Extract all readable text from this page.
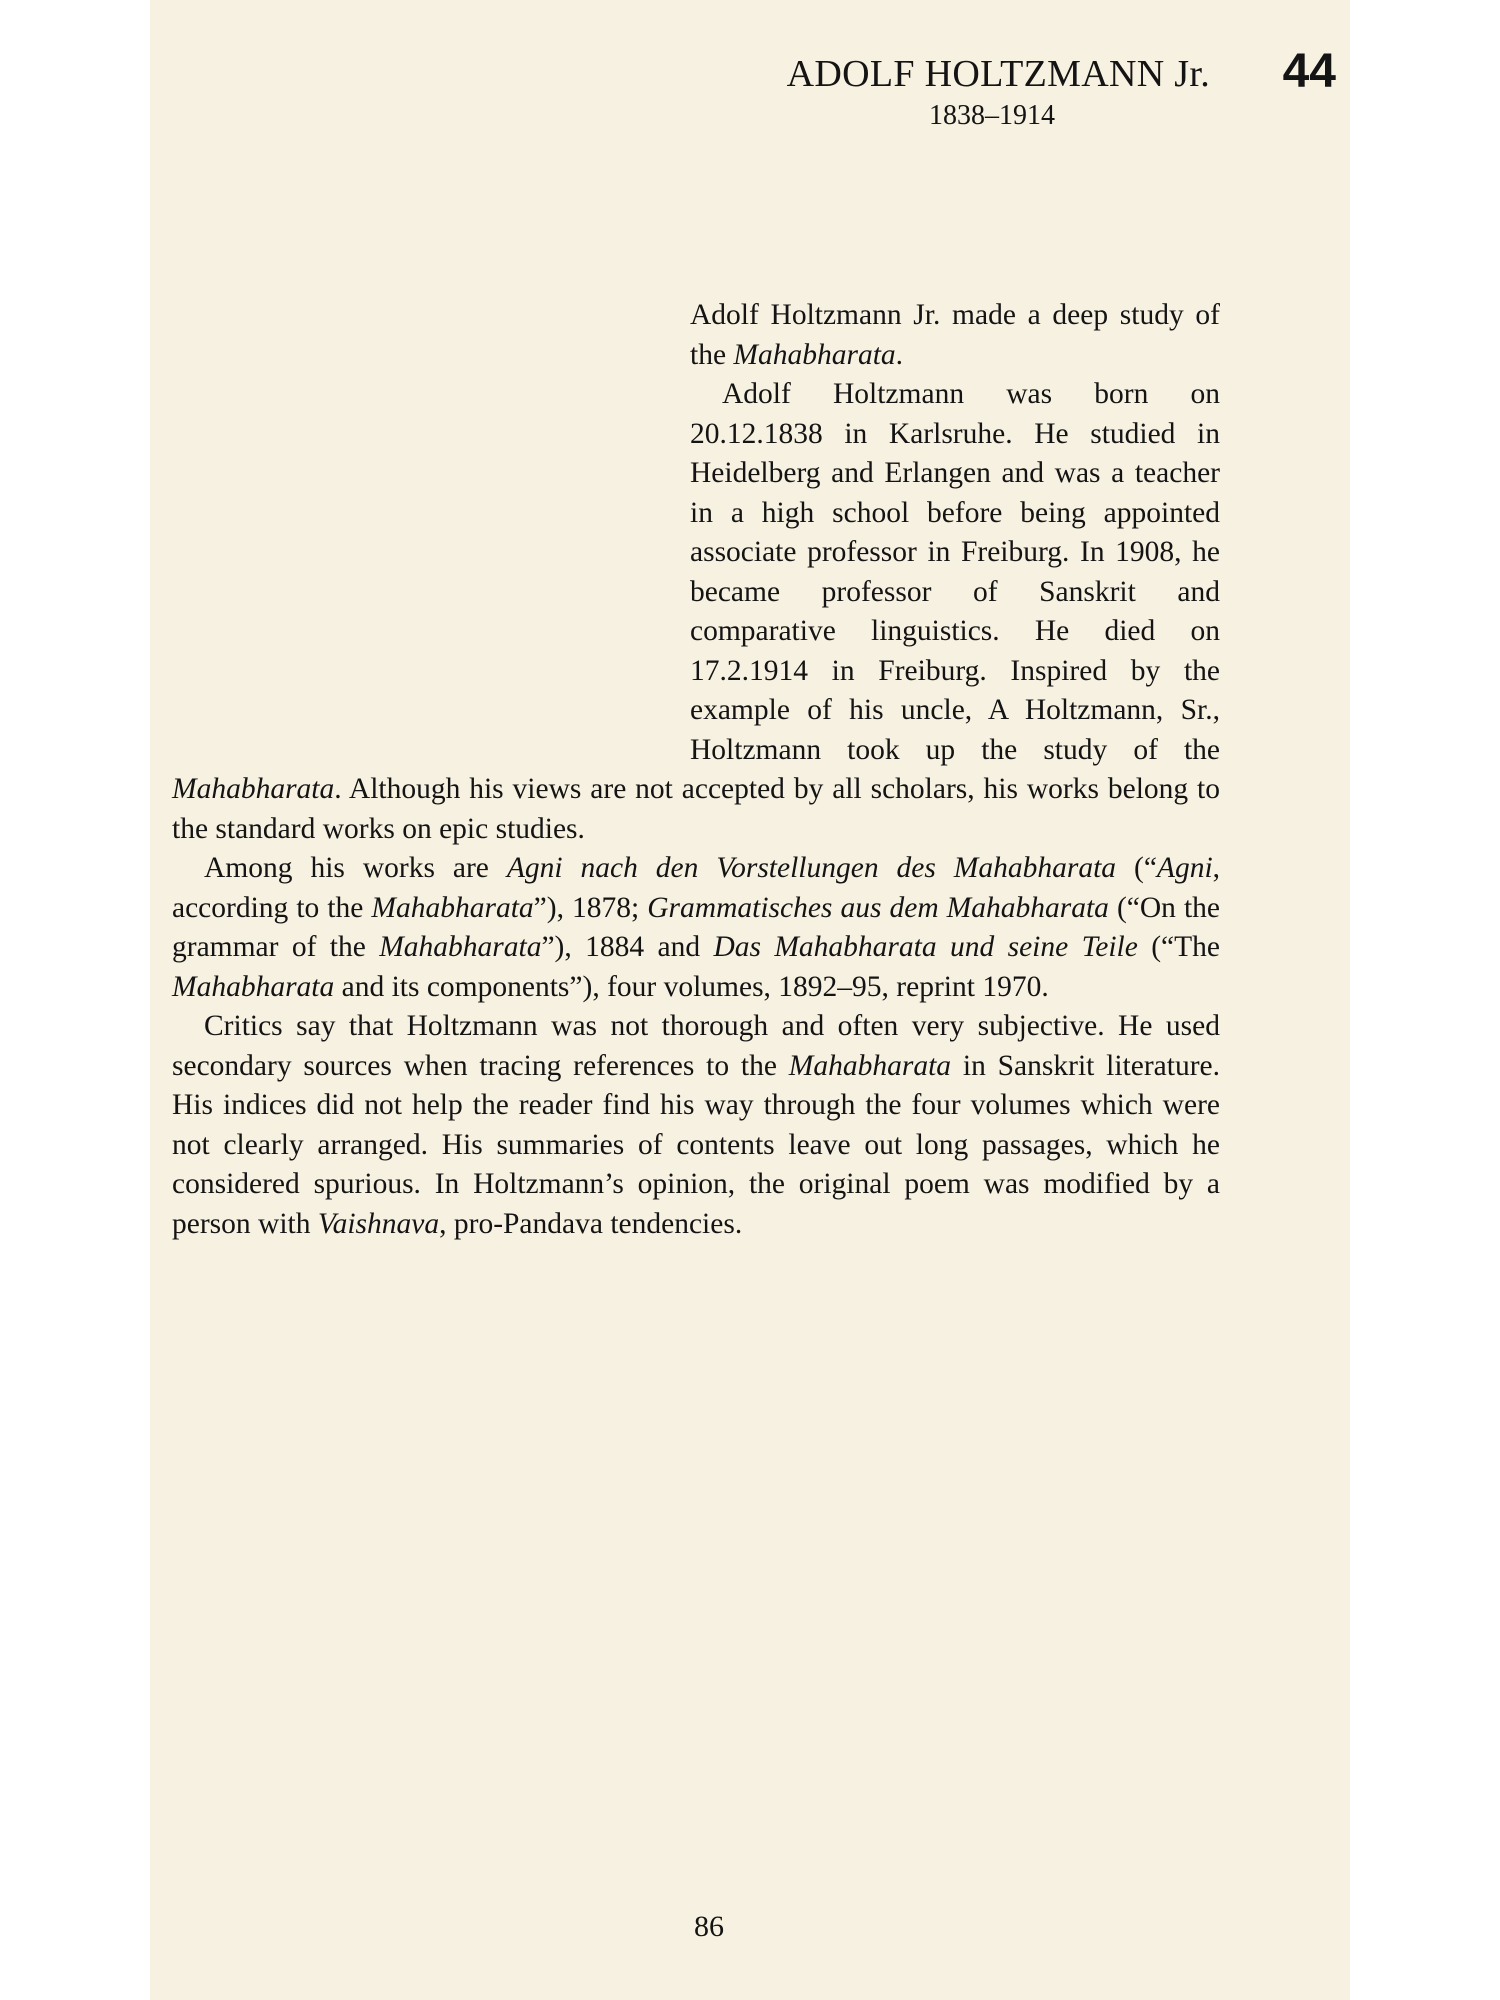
ADOLF HOLTZMANN Jr. 44
1838–1914

Adolf Holtzmann Jr. made a deep study of the Mahabharata.

Adolf Holtzmann was born on 20.12.1838 in Karlsruhe. He studied in Heidelberg and Erlangen and was a teacher in a high school before being appointed associate professor in Freiburg. In 1908, he became professor of Sanskrit and comparative linguistics. He died on 17.2.1914 in Freiburg. Inspired by the example of his uncle, A Holtzmann, Sr., Holtzmann took up the study of the Mahabharata. Although his views are not accepted by all scholars, his works belong to the standard works on epic studies.

Among his works are Agni nach den Vorstellungen des Mahabharata (“Agni, according to the Mahabharata”), 1878; Grammatisches aus dem Mahabharata (“On the grammar of the Mahabharata”), 1884 and Das Mahabharata und seine Teile (“The Mahabharata and its components”), four volumes, 1892–95, reprint 1970.

Critics say that Holtzmann was not thorough and often very subjective. He used secondary sources when tracing references to the Mahabharata in Sanskrit literature. His indices did not help the reader find his way through the four volumes which were not clearly arranged. His summaries of contents leave out long passages, which he considered spurious. In Holtzmann’s opinion, the original poem was modified by a person with Vaishnava, pro-Pandava tendencies.

86
